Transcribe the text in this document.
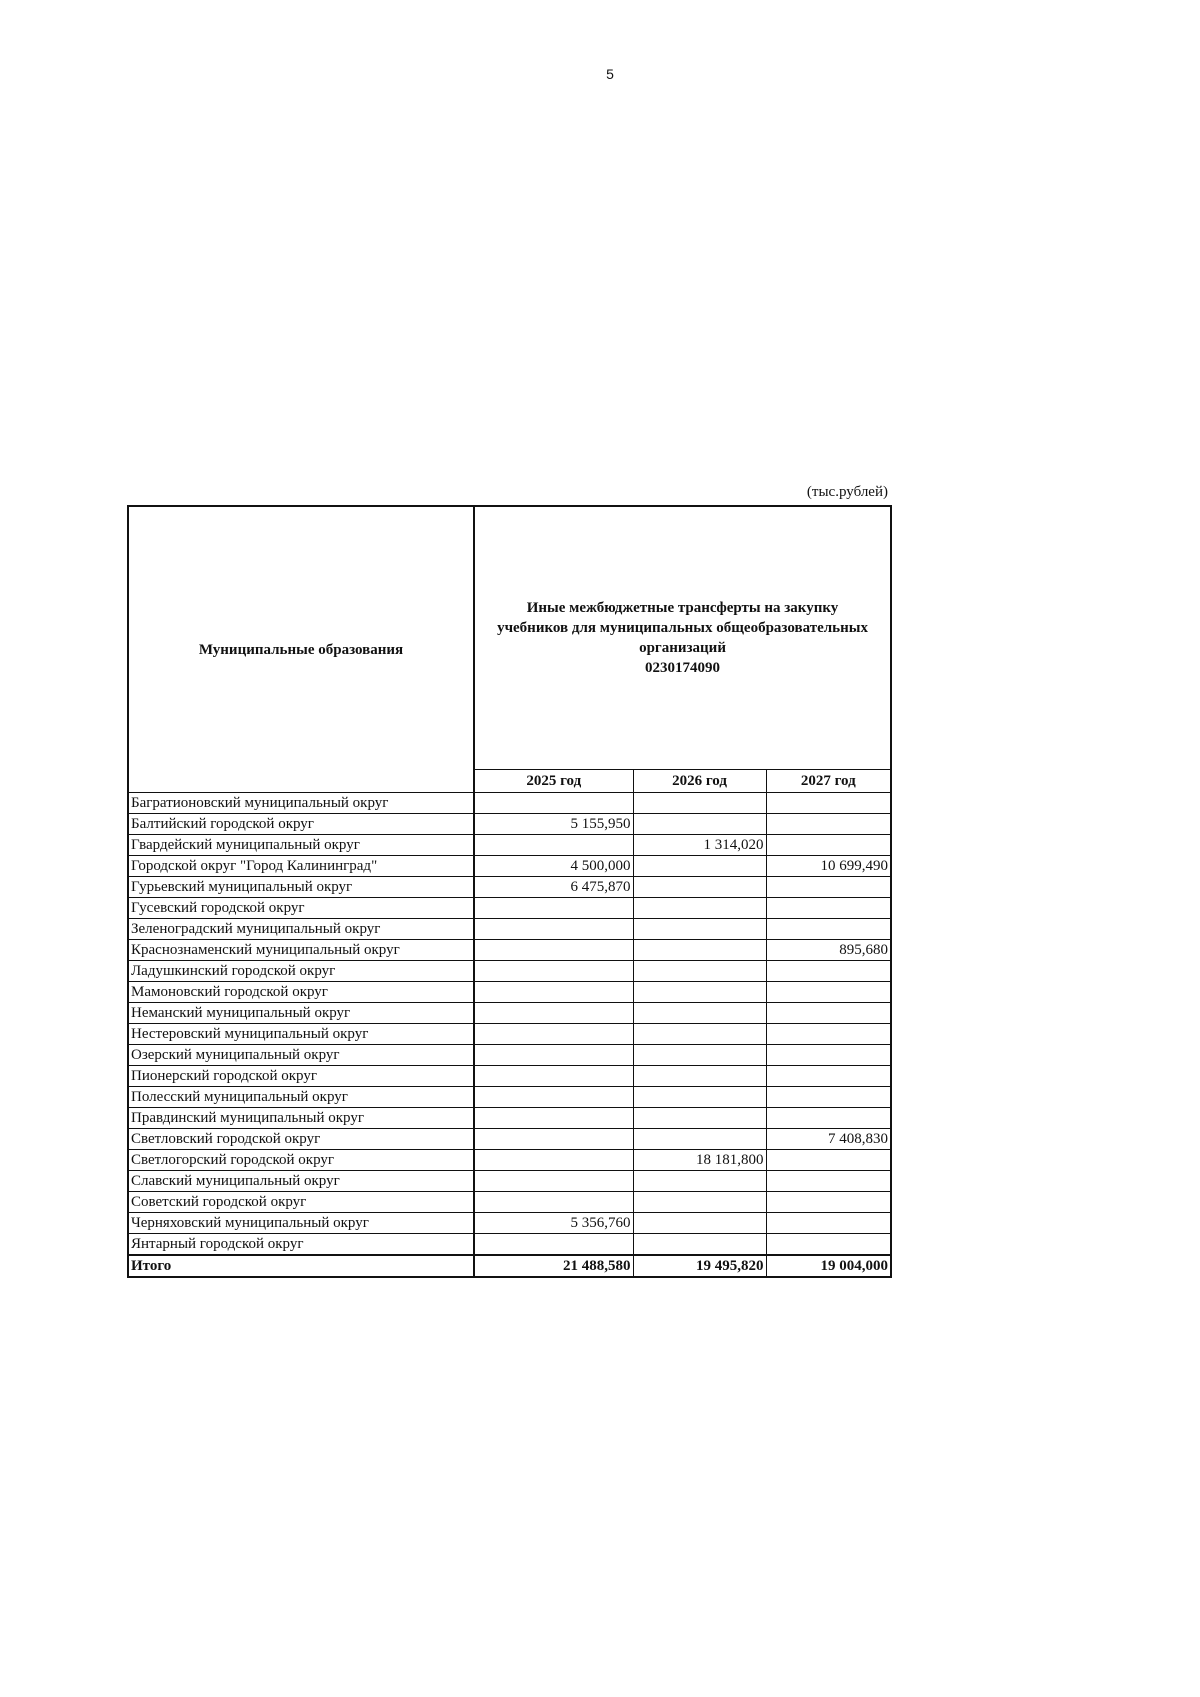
5
(тыс.рублей)
Муниципальные образования	Иные межбюджетные трансферты на закупку
учебников для муниципальных общеобразовательных
организаций
0230174090		

	2025 год	2026 год	2027 год
Багратионовский муниципальный округ			
Балтийский городской округ	5 155,950		
Гвардейский муниципальный округ		1 314,020	
Городской округ "Город Калининград"	4 500,000		10 699,490
Гурьевский муниципальный округ	6 475,870		
Гусевский городской округ			
Зеленоградский муниципальный округ			
Краснознаменский муниципальный округ			895,680
Ладушкинский городской округ			
Мамоновский городской округ			
Неманский муниципальный округ			
Нестеровский муниципальный округ			
Озерский муниципальный округ			
Пионерский городской округ			
Полесский муниципальный округ			
Правдинский муниципальный округ			
Светловский городской округ			7 408,830
Светлогорский городской округ		18 181,800	
Славский муниципальный округ			
Советский городской округ			
Черняховский муниципальный округ	5 356,760		
Янтарный городской округ			
Итого	21 488,580	19 495,820	19 004,000
